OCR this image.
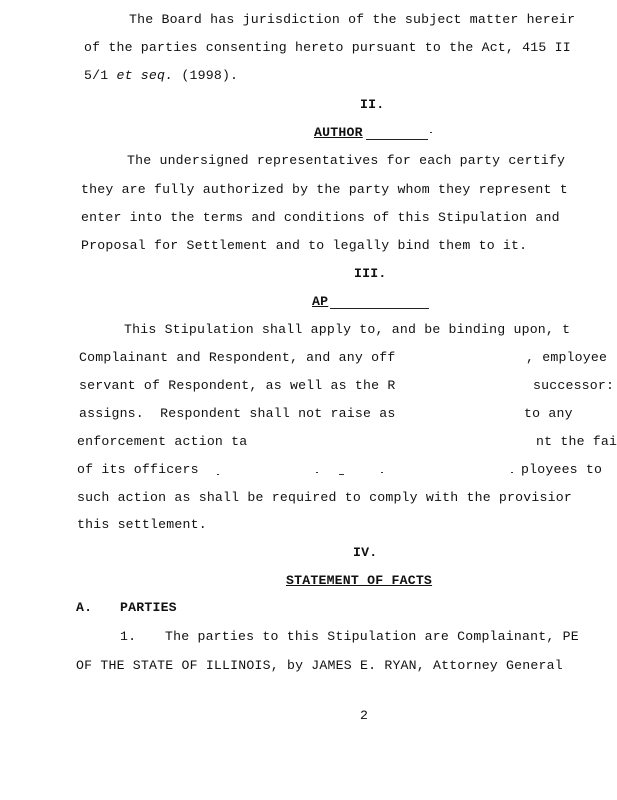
The Board has jurisdiction of the subject matter hereir
of the parties consenting hereto pursuant to the Act, 415 II
5/1 et seq. (1998).
II.
AUTHOR
The undersigned representatives for each party certify
they are fully authorized by the party whom they represent t
enter into the terms and conditions of this Stipulation and
Proposal for Settlement and to legally bind them to it.
III.
AP
This Stipulation shall apply to, and be binding upon, t
Complainant and Respondent, and any off	, employee
servant of Respondent, as well as the R	successor:
assigns.  Respondent shall not raise as	to any
enforcement action ta	nt the fai
of its officers	ployees to
such action as shall be required to comply with the provisior
this settlement.
IV.
STATEMENT OF FACTS
A. PARTIES
1. The parties to this Stipulation are Complainant, PE
OF THE STATE OF ILLINOIS, by JAMES E. RYAN, Attorney General
2
